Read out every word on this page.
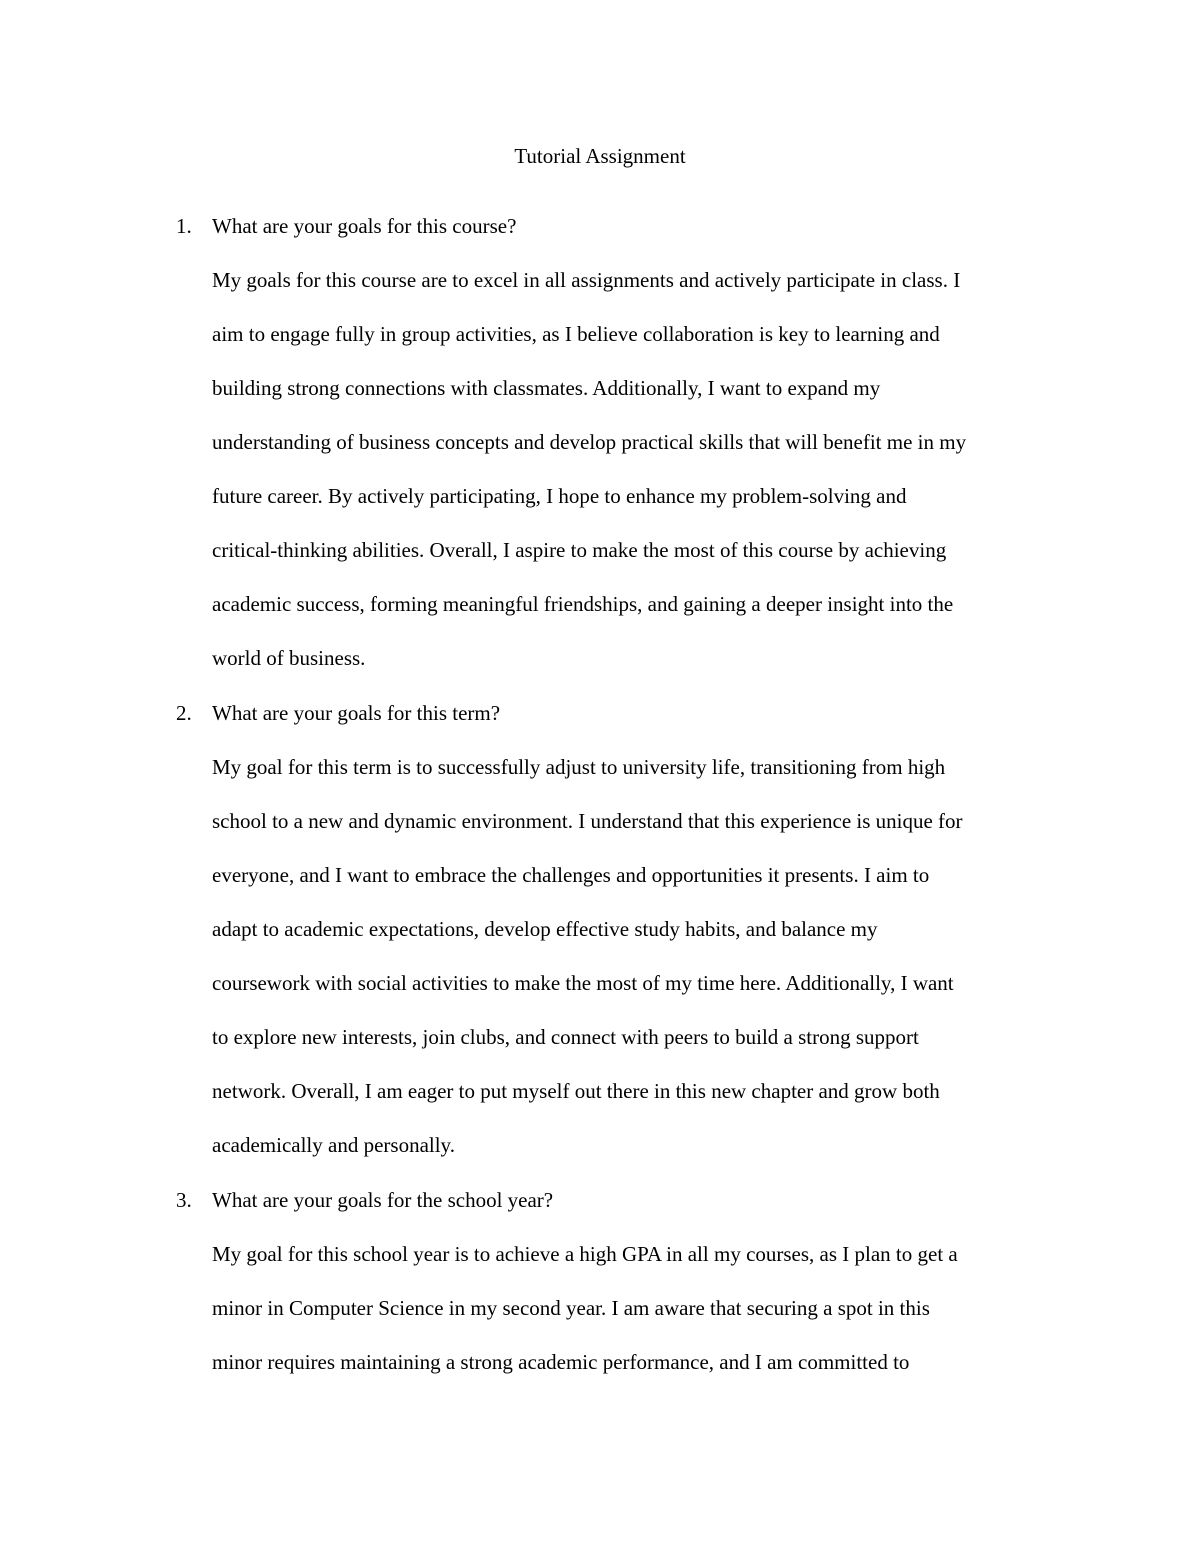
Tutorial Assignment
1. What are your goals for this course?
My goals for this course are to excel in all assignments and actively participate in class. I
aim to engage fully in group activities, as I believe collaboration is key to learning and
building strong connections with classmates. Additionally, I want to expand my
understanding of business concepts and develop practical skills that will benefit me in my
future career. By actively participating, I hope to enhance my problem-solving and
critical-thinking abilities. Overall, I aspire to make the most of this course by achieving
academic success, forming meaningful friendships, and gaining a deeper insight into the
world of business.
2. What are your goals for this term?
My goal for this term is to successfully adjust to university life, transitioning from high
school to a new and dynamic environment. I understand that this experience is unique for
everyone, and I want to embrace the challenges and opportunities it presents. I aim to
adapt to academic expectations, develop effective study habits, and balance my
coursework with social activities to make the most of my time here. Additionally, I want
to explore new interests, join clubs, and connect with peers to build a strong support
network. Overall, I am eager to put myself out there in this new chapter and grow both
academically and personally.
3. What are your goals for the school year?
My goal for this school year is to achieve a high GPA in all my courses, as I plan to get a
minor in Computer Science in my second year. I am aware that securing a spot in this
minor requires maintaining a strong academic performance, and I am committed to
